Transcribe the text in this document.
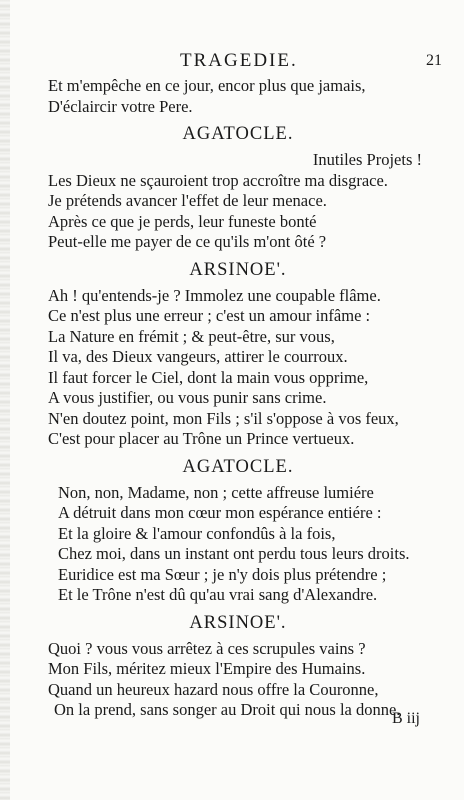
TRAGEDIE.	21
Et m'empêche en ce jour, encor plus que jamais,
D'éclaircir votre Pere.
AGATOCLE.
Inutiles Projets !
Les Dieux ne sçauroient trop accroître ma disgrace.
Je prétends avancer l'effet de leur menace.
Après ce que je perds, leur funeste bonté
Peut-elle me payer de ce qu'ils m'ont ôté ?
ARSINOE'.
Ah ! qu'entends-je ? Immolez une coupable flâme.
Ce n'est plus une erreur ; c'est un amour infâme :
La Nature en frémit ; & peut-être, sur vous,
Il va, des Dieux vangeurs, attirer le courroux.
Il faut forcer le Ciel, dont la main vous opprime,
A vous justifier, ou vous punir sans crime.
N'en doutez point, mon Fils ; s'il s'oppose à vos feux,
C'est pour placer au Trône un Prince vertueux.
AGATOCLE.
Non, non, Madame, non ; cette affreuse lumiére
A détruit dans mon cœur mon espérance entiére :
Et la gloire & l'amour confondûs à la fois,
Chez moi, dans un instant ont perdu tous leurs droits.
Euridice est ma Sœur ; je n'y dois plus prétendre ;
Et le Trône n'est dû qu'au vrai sang d'Alexandre.
ARSINOE'.
Quoi ? vous vous arrêtez à ces scrupules vains ?
Mon Fils, méritez mieux l'Empire des Humains.
Quand un heureux hazard nous offre la Couronne,
On la prend, sans songer au Droit qui nous la donne.
B iij
